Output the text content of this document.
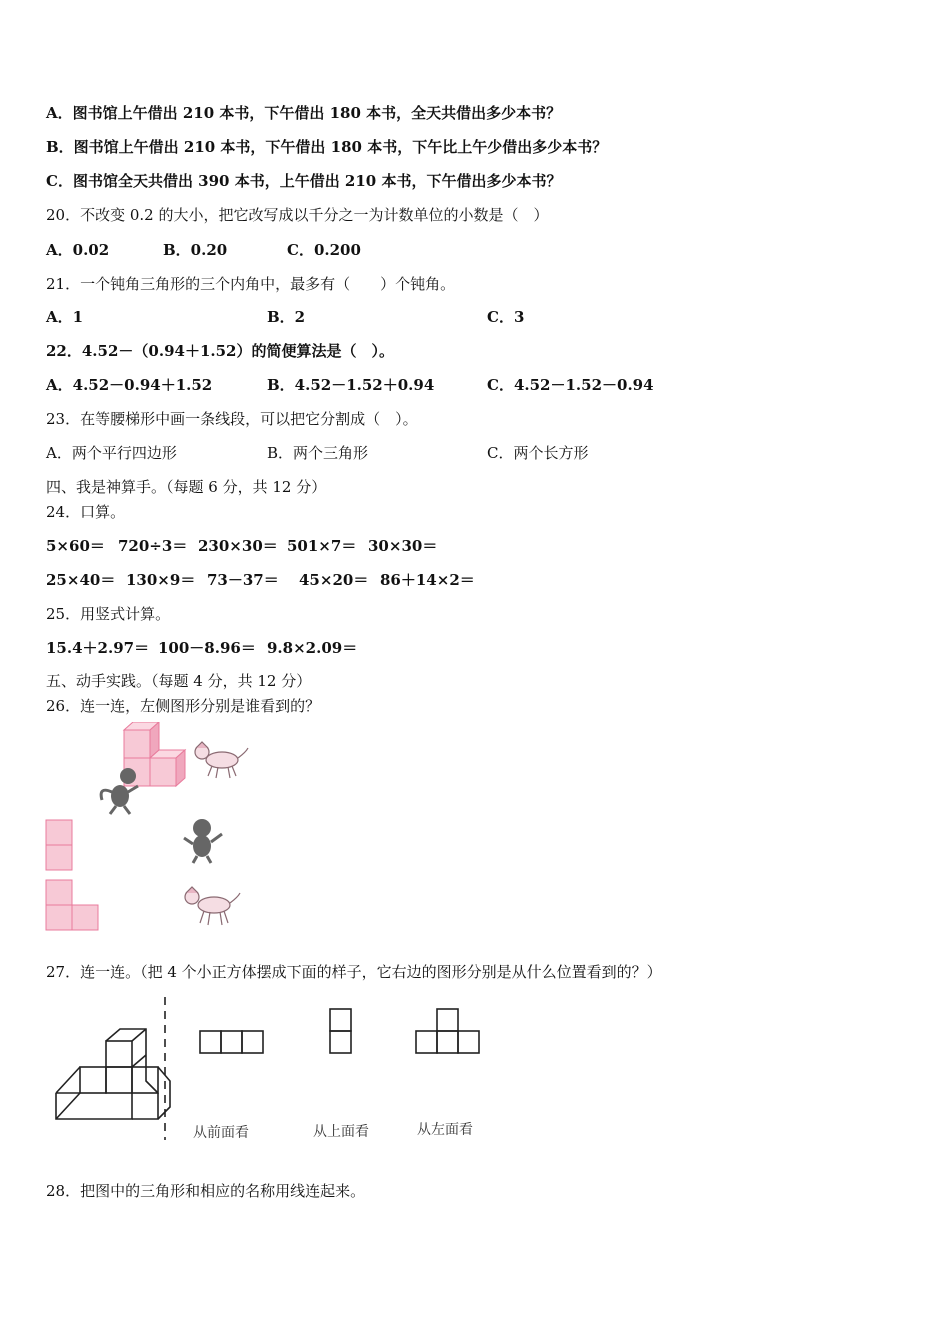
A．图书馆上午借出 210 本书，下午借出 180 本书，全天共借出多少本书？
B．图书馆上午借出 210 本书，下午借出 180 本书，下午比上午少借出多少本书？
C．图书馆全天共借出 390 本书，上午借出 210 本书，下午借出多少本书？
20．不改变 0.2 的大小，把它改写成以千分之一为计数单位的小数是（　）
A．0.02	B．0.20	C．0.200
21．一个钝角三角形的三个内角中，最多有（　　）个钝角。
A．1	B．2	C．3
22．4.52－（0.94＋1.52）的简便算法是（　）。
A．4.52－0.94＋1.52	B．4.52－1.52＋0.94	C．4.52－1.52－0.94
23．在等腰梯形中画一条线段，可以把它分割成（　）。
A．两个平行四边形	B．两个三角形	C．两个长方形
四、我是神算手。（每题 6 分，共 12 分）
24．口算。
5×60＝ 720÷3＝ 230×30＝ 501×7＝ 30×30＝
25×40＝ 130×9＝ 73－37＝ 45×20＝ 86＋14×2＝
25．用竖式计算。
15.4＋2.97＝ 100－8.96＝ 9.8×2.09＝
五、动手实践。（每题 4 分，共 12 分）
26．连一连，左侧图形分别是谁看到的？
27．连一连。（把 4 个小正方体摆成下面的样子，它右边的图形分别是从什么位置看到的？）
从前面看	从上面看	从左面看
28．把图中的三角形和相应的名称用线连起来。
